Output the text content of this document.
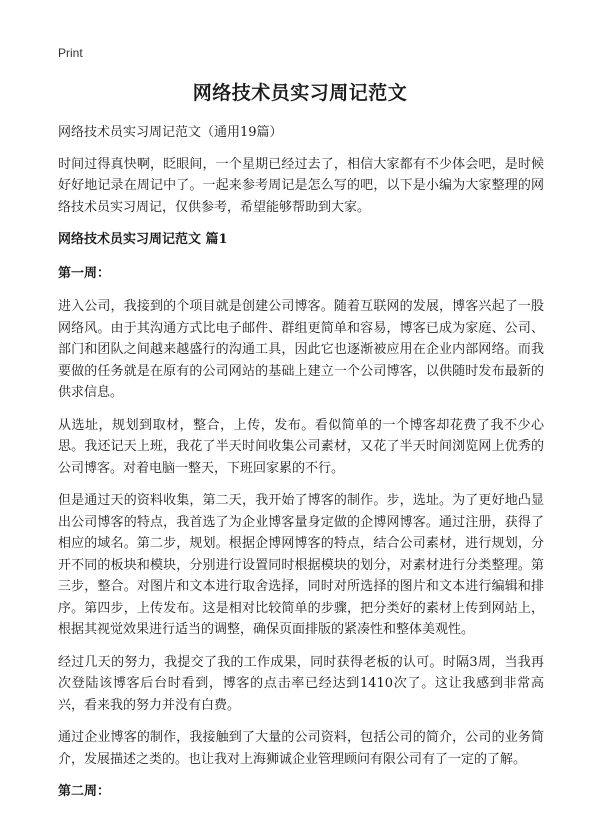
Print
网络技术员实习周记范文

网络技术员实习周记范文（通用19篇）

时间过得真快啊，眨眼间，一个星期已经过去了，相信大家都有不少体会吧，是时候好好地记录在周记中了。一起来参考周记是怎么写的吧，以下是小编为大家整理的网络技术员实习周记，仅供参考，希望能够帮助到大家。

网络技术员实习周记范文 篇1

第一周：

进入公司，我接到的个项目就是创建公司博客。随着互联网的发展，博客兴起了一股网络风。由于其沟通方式比电子邮件、群组更简单和容易，博客已成为家庭、公司、部门和团队之间越来越盛行的沟通工具，因此它也逐渐被应用在企业内部网络。而我要做的任务就是在原有的公司网站的基础上建立一个公司博客，以供随时发布最新的供求信息。

从选址，规划到取材，整合，上传，发布。看似简单的一个博客却花费了我不少心思。我还记天上班，我花了半天时间收集公司素材，又花了半天时间浏览网上优秀的公司博客。对着电脑一整天，下班回家累的不行。

但是通过天的资料收集，第二天，我开始了博客的制作。步，选址。为了更好地凸显出公司博客的特点，我首选了为企业博客量身定做的企博网博客。通过注册，获得了相应的域名。第二步，规划。根据企博网博客的特点，结合公司素材，进行规划，分开不同的板块和模块，分别进行设置同时根据模块的划分，对素材进行分类整理。第三步，整合。对图片和文本进行取舍选择，同时对所选择的图片和文本进行编辑和排序。第四步，上传发布。这是相对比较简单的步骤，把分类好的素材上传到网站上，根据其视觉效果进行适当的调整，确保页面排版的紧凑性和整体美观性。

经过几天的努力，我提交了我的工作成果，同时获得老板的认可。时隔3周，当我再次登陆该博客后台时看到，博客的点击率已经达到1410次了。这让我感到非常高兴，看来我的努力并没有白费。

通过企业博客的制作，我接触到了大量的公司资料，包括公司的简介，公司的业务简介，发展描述之类的。也让我对上海狮诚企业管理顾问有限公司有了一定的了解。

第二周：
